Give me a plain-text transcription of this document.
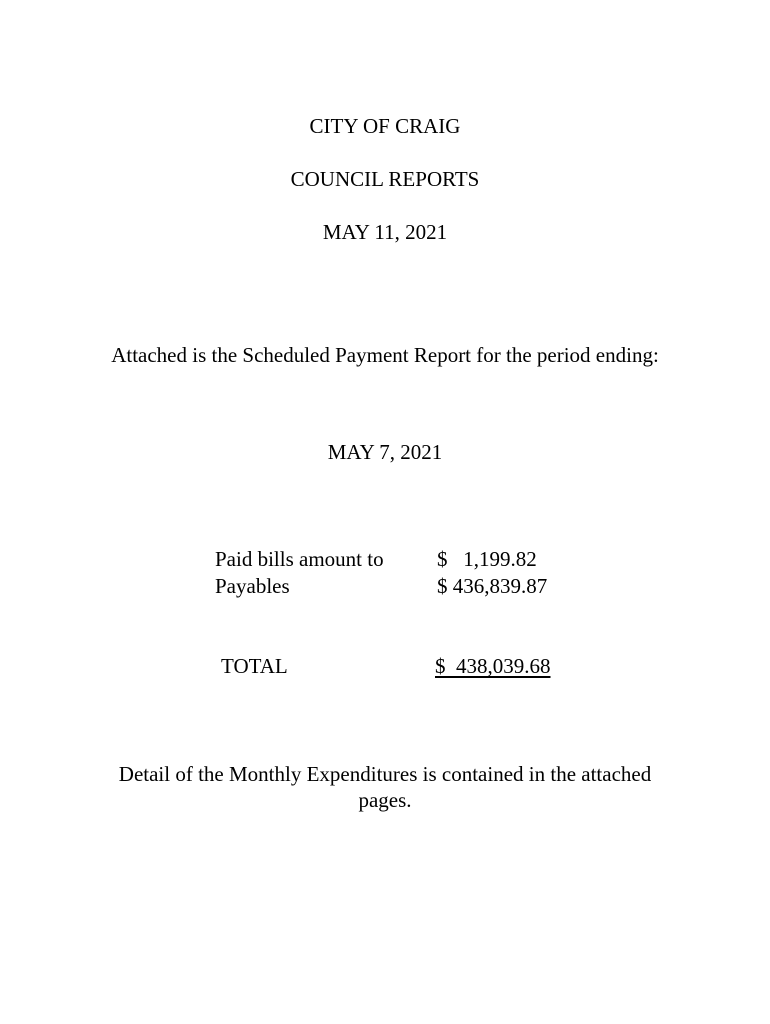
CITY OF CRAIG
COUNCIL REPORTS
MAY 11, 2021
Attached is the Scheduled Payment Report for the period ending:
MAY 7, 2021
Paid bills amount to	$   1,199.82
Payables	$ 436,839.87
TOTAL	$  438,039.68
Detail of the Monthly Expenditures is contained in the attached pages.
